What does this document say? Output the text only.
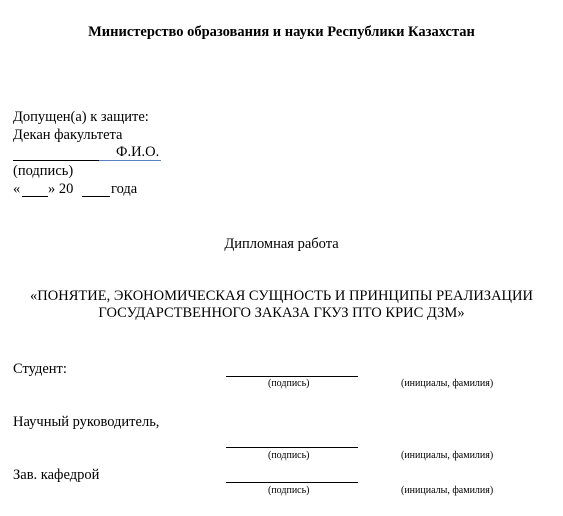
Министерство образования и науки Республики Казахстан
Допущен(а) к защите:
Декан факультета
Ф.И.О.
(подпись)
« » 20	года
Дипломная работа
«ПОНЯТИЕ, ЭКОНОМИЧЕСКАЯ СУЩНОСТЬ И ПРИНЦИПЫ РЕАЛИЗАЦИИ
ГОСУДАРСТВЕННОГО ЗАКАЗА ГКУЗ ПТО КРИС ДЗМ»
Студент:
(подпись)	(инициалы, фамилия)
Научный руководитель,
(подпись)	(инициалы, фамилия)
Зав. кафедрой
(подпись)	(инициалы, фамилия)
